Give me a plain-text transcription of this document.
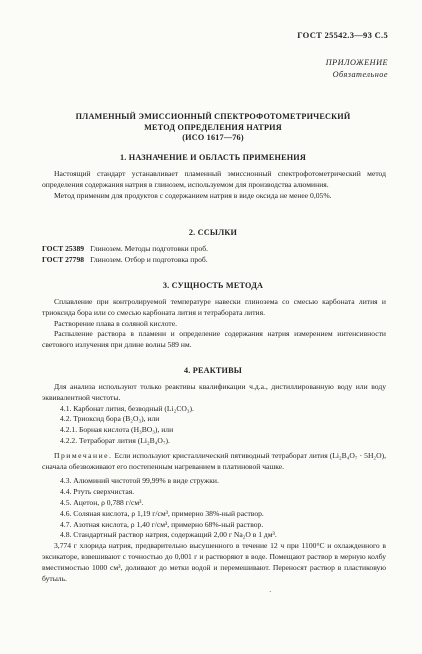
ГОСТ 25542.3—93 С.5
ПРИЛОЖЕНИЕ
Обязательное
ПЛАМЕННЫЙ ЭМИССИОННЫЙ СПЕКТРОФОТОМЕТРИЧЕСКИЙ
МЕТОД ОПРЕДЕЛЕНИЯ НАТРИЯ
(ИСО 1617—76)
1. НАЗНАЧЕНИЕ И ОБЛАСТЬ ПРИМЕНЕНИЯ

Настоящий стандарт устанавливает пламенный эмиссионный спектрофотометрический метод определения содержания натрия в глинозем, используемом для производства алюминия.

Метод применим для продуктов с содержанием натрия в виде оксида не менее 0,05%.

2. ССЫЛКИ
ГОСТ 25389 Глинозем. Методы подготовки проб.
ГОСТ 27798 Глинозем. Отбор и подготовка проб.
3. СУЩНОСТЬ МЕТОДА

Сплавление при контролируемой температуре навески глинозема со смесью карбоната лития и триоксида бора или со смесью карбоната лития и тетрабората лития.

Растворение плава в соляной кислоте.

Распыление раствора в пламени и определение содержания натрия измерением интенсивности светового излучения при длине волны 589 нм.

4. РЕАКТИВЫ

Для анализа используют только реактивы квалификации ч.д.а., дистиллированную воду или воду эквивалентной чистоты.

4.1. Карбонат лития, безводный (Li₂CO₃).

4.2. Триоксид бора (B₂O₃), или

4.2.1. Борная кислота (H₃BO₃), или

4.2.2. Тетраборат лития (Li₂B₄O₇).

Примечание. Если используют кристаллический пятиводный тетраборат лития (Li₂B₄O₇ · 5H₂O), сначала обезвоживают его постепенным нагреванием в платиновой чашке.

4.3. Алюминий чистотой 99,99% в виде стружки.

4.4. Ртуть сверхчистая.

4.5. Ацетон, ρ 0,788 г/см³.

4.6. Соляная кислота, ρ 1,19 г/см³, примерно 38%-ный раствор.

4.7. Азотная кислота, ρ 1,40 г/см³, примерно 68%-ный раствор.

4.8. Стандартный раствор натрия, содержащий 2,00 г Na₂O в 1 дм³.

3,774 г хлорида натрия, предварительно высушенного в течение 12 ч при 1100°С и охлажденного в эксикаторе, взвешивают с точностью до 0,001 г и растворяют в воде. Помещают раствор в мерную колбу вместимостью 1000 см³, доливают до метки водой и перемешивают. Переносят раствор в пластиковую бутыль.

·
